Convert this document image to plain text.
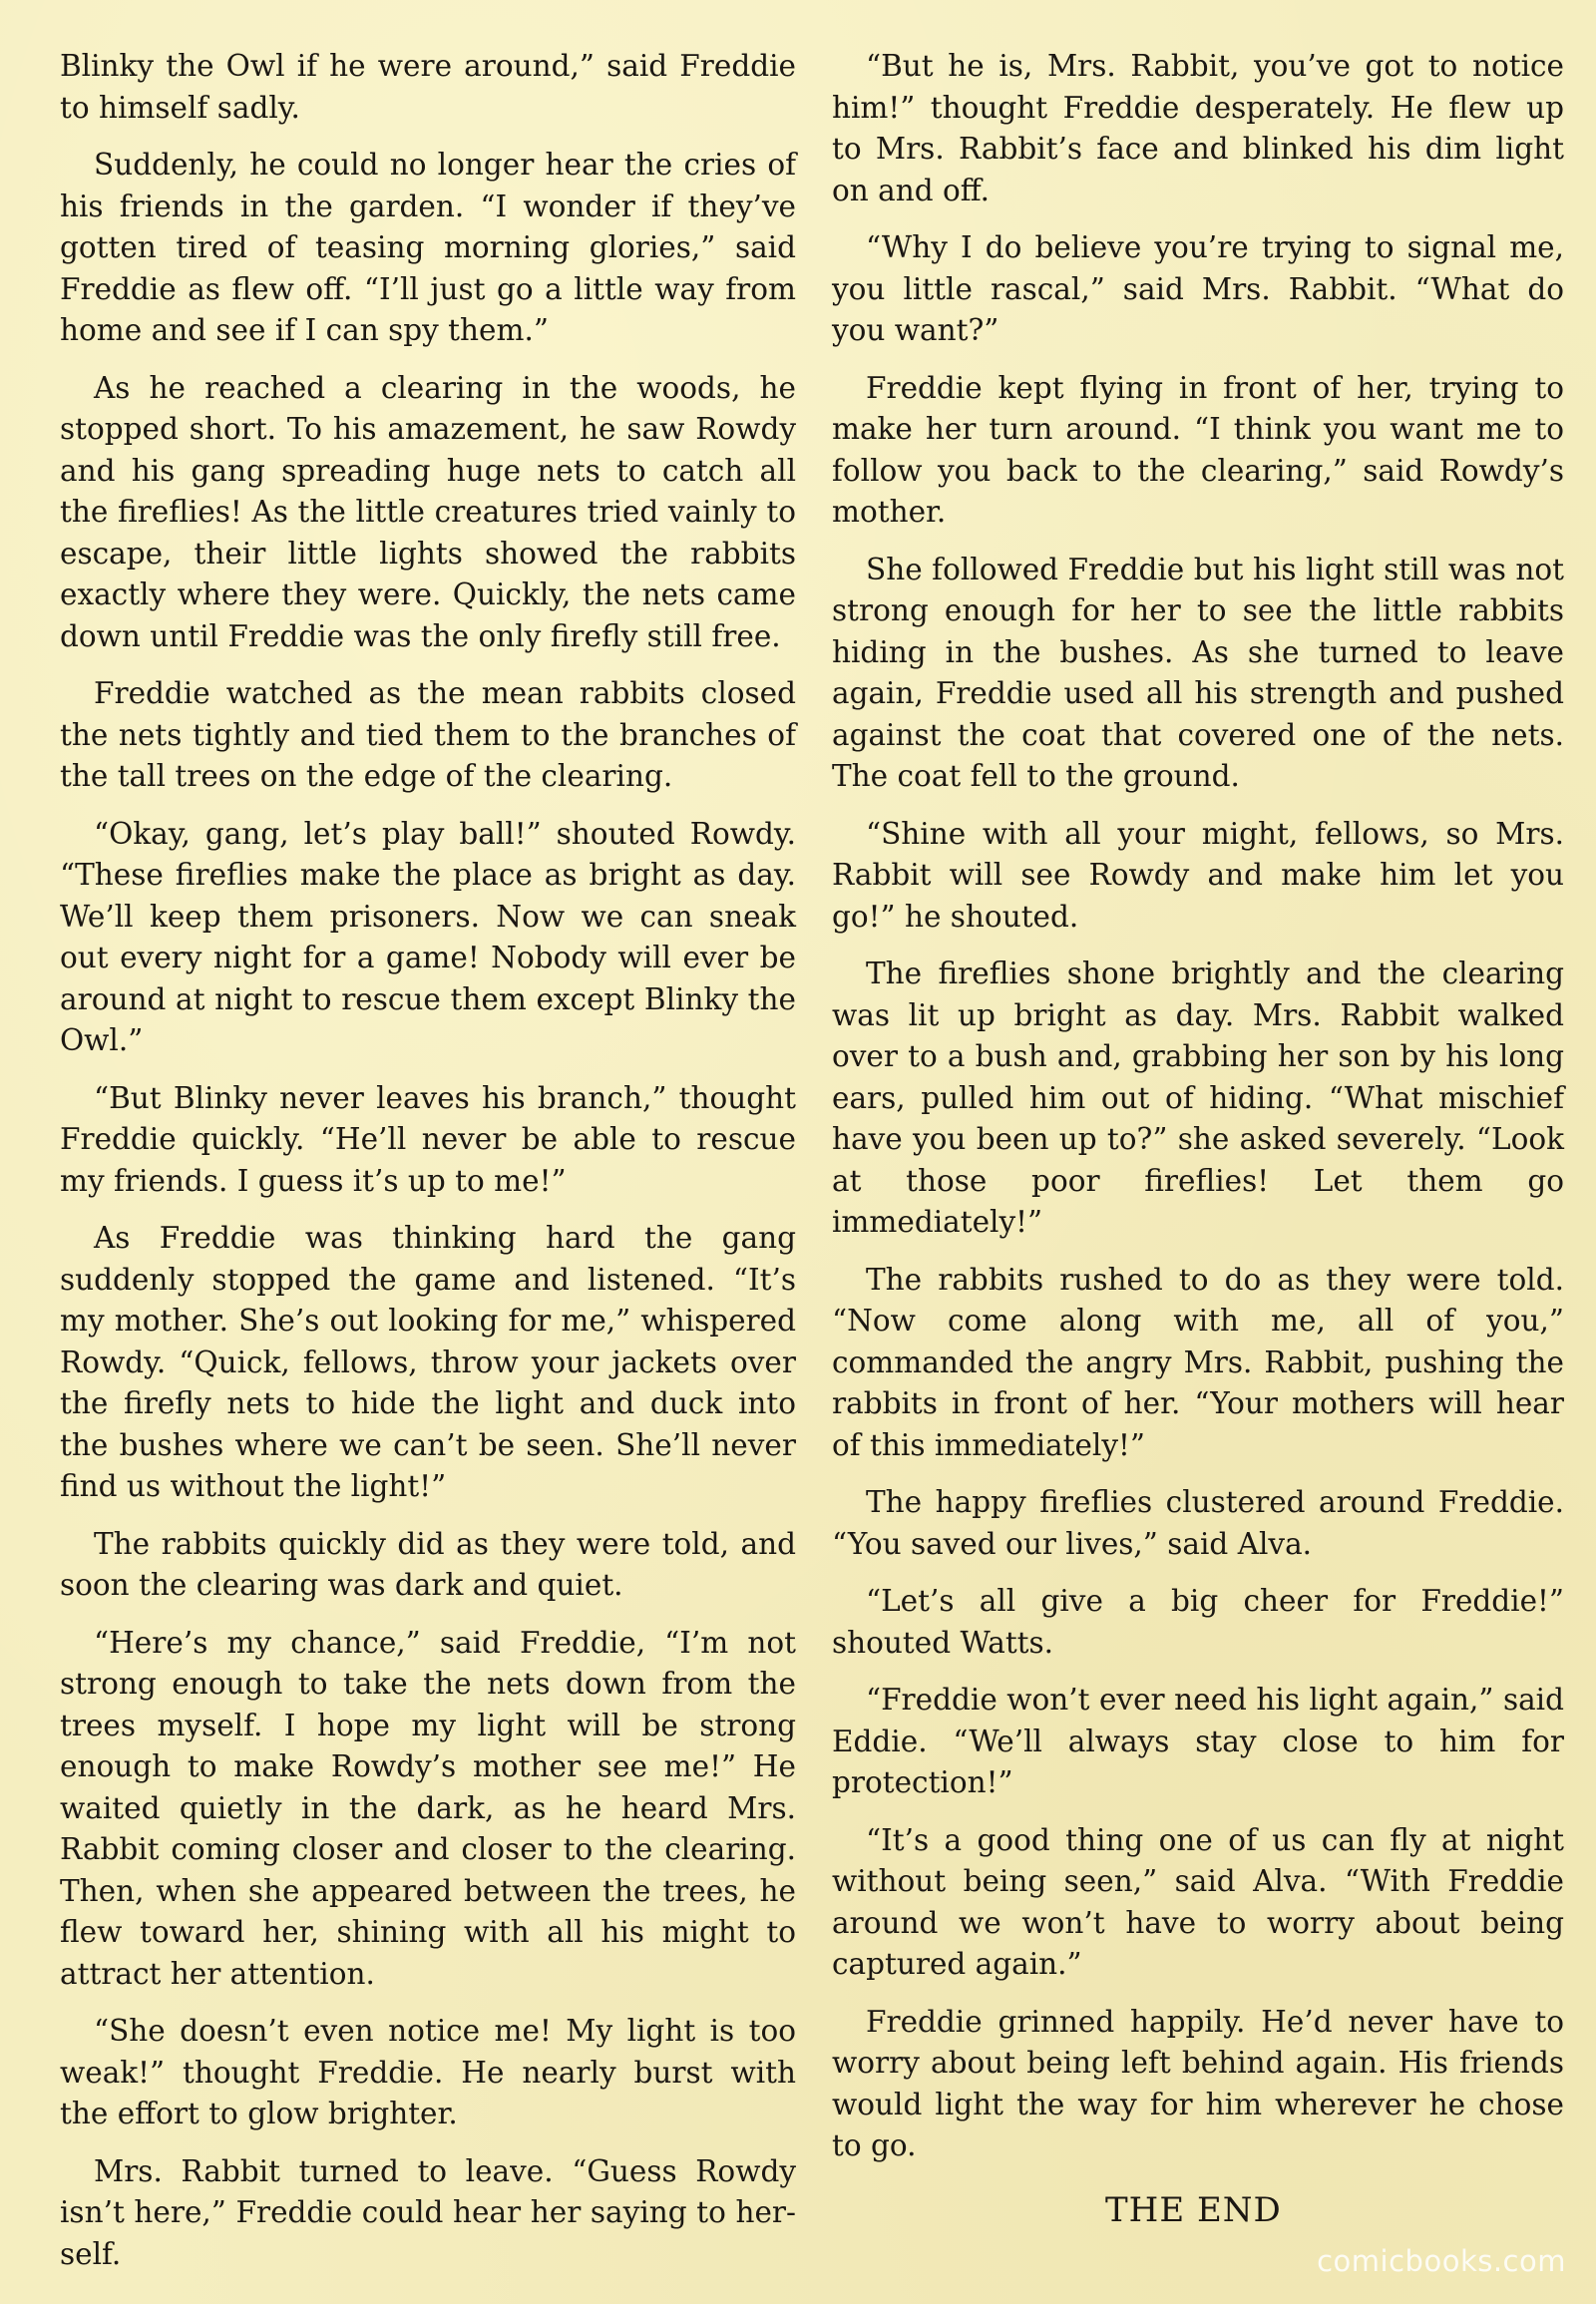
Blinky the Owl if he were around,” said Freddie to himself sadly.

Suddenly, he could no longer hear the cries of his friends in the garden. “I wonder if they’ve gotten tired of teasing morning glories,” said Freddie as flew off. “I’ll just go a little way from home and see if I can spy them.”

As he reached a clearing in the woods, he stopped short. To his amazement, he saw Rowdy and his gang spreading huge nets to catch all the fireflies! As the little creatures tried vainly to escape, their little lights showed the rabbits exactly where they were. Quickly, the nets came down until Freddie was the only firefly still free.

Freddie watched as the mean rabbits closed the nets tightly and tied them to the branches of the tall trees on the edge of the clearing.

“Okay, gang, let’s play ball!” shouted Rowdy. “These fireflies make the place as bright as day. We’ll keep them prisoners. Now we can sneak out every night for a game! Nobody will ever be around at night to rescue them except Blinky the Owl.”

“But Blinky never leaves his branch,” thought Freddie quickly. “He’ll never be able to rescue my friends. I guess it’s up to me!”

As Freddie was thinking hard the gang suddenly stopped the game and listened. “It’s my mother. She’s out looking for me,” whispered Rowdy. “Quick, fellows, throw your jackets over the firefly nets to hide the light and duck into the bushes where we can’t be seen. She’ll never find us without the light!”

The rabbits quickly did as they were told, and soon the clearing was dark and quiet.

“Here’s my chance,” said Freddie, “I’m not strong enough to take the nets down from the trees myself. I hope my light will be strong enough to make Rowdy’s mother see me!” He waited quietly in the dark, as he heard Mrs. Rabbit coming closer and closer to the clearing. Then, when she appeared between the trees, he flew toward her, shining with all his might to attract her attention.

“She doesn’t even notice me! My light is too weak!” thought Freddie. He nearly burst with the effort to glow brighter.

Mrs. Rabbit turned to leave. “Guess Rowdy isn’t here,” Freddie could hear her saying to herself.

“But he is, Mrs. Rabbit, you’ve got to notice him!” thought Freddie desperately. He flew up to Mrs. Rabbit’s face and blinked his dim light on and off.

“Why I do believe you’re trying to signal me, you little rascal,” said Mrs. Rabbit. “What do you want?”

Freddie kept flying in front of her, trying to make her turn around. “I think you want me to follow you back to the clearing,” said Rowdy’s mother.

She followed Freddie but his light still was not strong enough for her to see the little rabbits hiding in the bushes. As she turned to leave again, Freddie used all his strength and pushed against the coat that covered one of the nets. The coat fell to the ground.

“Shine with all your might, fellows, so Mrs. Rabbit will see Rowdy and make him let you go!” he shouted.

The fireflies shone brightly and the clearing was lit up bright as day. Mrs. Rabbit walked over to a bush and, grabbing her son by his long ears, pulled him out of hiding. “What mischief have you been up to?” she asked severely. “Look at those poor fireflies! Let them go immediately!”

The rabbits rushed to do as they were told. “Now come along with me, all of you,” commanded the angry Mrs. Rabbit, pushing the rabbits in front of her. “Your mothers will hear of this immediately!”

The happy fireflies clustered around Freddie. “You saved our lives,” said Alva.

“Let’s all give a big cheer for Freddie!” shouted Watts.

“Freddie won’t ever need his light again,” said Eddie. “We’ll always stay close to him for protection!”

“It’s a good thing one of us can fly at night without being seen,” said Alva. “With Freddie around we won’t have to worry about being captured again.”

Freddie grinned happily. He’d never have to worry about being left behind again. His friends would light the way for him wherever he chose to go.

THE END
comicbooks.com
